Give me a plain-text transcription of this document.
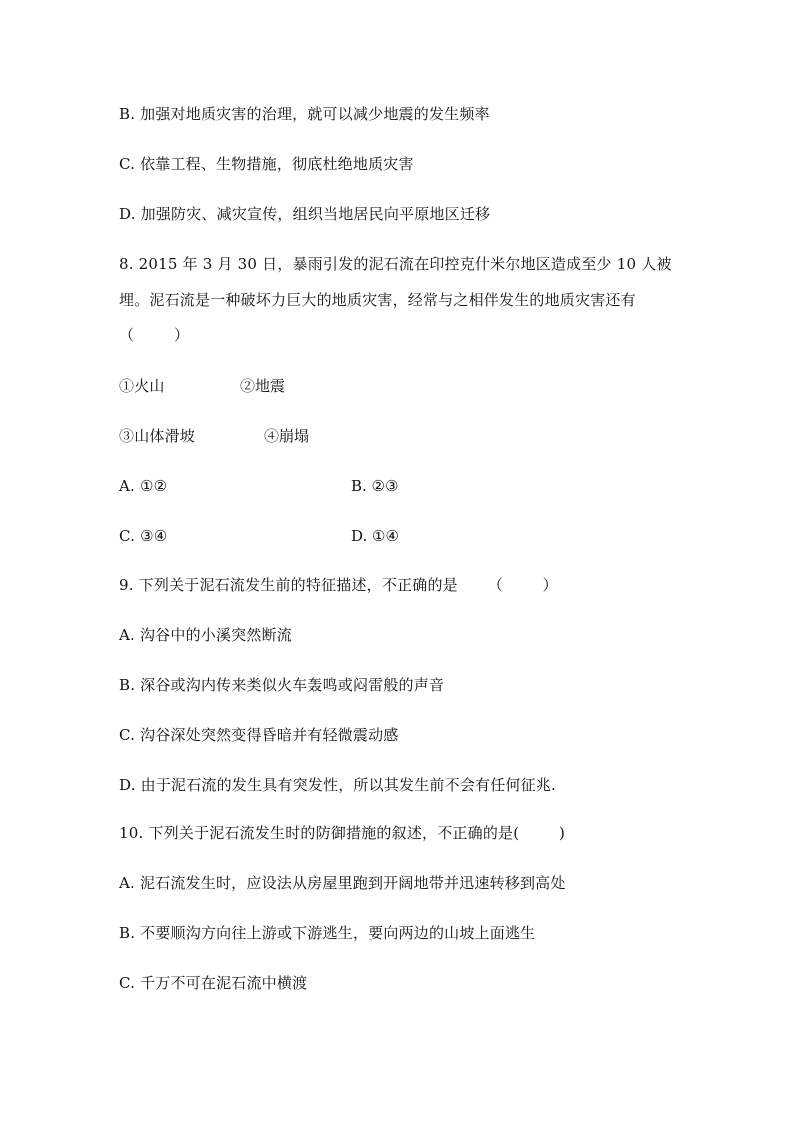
B. 加强对地质灾害的治理，就可以减少地震的发生频率
C. 依靠工程、生物措施，彻底杜绝地质灾害
D. 加强防灾、减灾宣传，组织当地居民向平原地区迁移
8. 2015 年 3 月 30 日，暴雨引发的泥石流在印控克什米尔地区造成至少 10 人被
埋。泥石流是一种破坏力巨大的地质灾害，经常与之相伴发生的地质灾害还有
（        ）
①火山	②地震
③山体滑坡	④崩塌
A. ①②	B. ②③
C. ③④	D. ①④
9. 下列关于泥石流发生前的特征描述，不正确的是      （        ）
A. 沟谷中的小溪突然断流
B. 深谷或沟内传来类似火车轰鸣或闷雷般的声音
C. 沟谷深处突然变得昏暗并有轻微震动感
D. 由于泥石流的发生具有突发性，所以其发生前不会有任何征兆.
10. 下列关于泥石流发生时的防御措施的叙述，不正确的是(        )
A. 泥石流发生时，应设法从房屋里跑到开阔地带并迅速转移到高处
B. 不要顺沟方向往上游或下游逃生，要向两边的山坡上面逃生
C. 千万不可在泥石流中横渡
